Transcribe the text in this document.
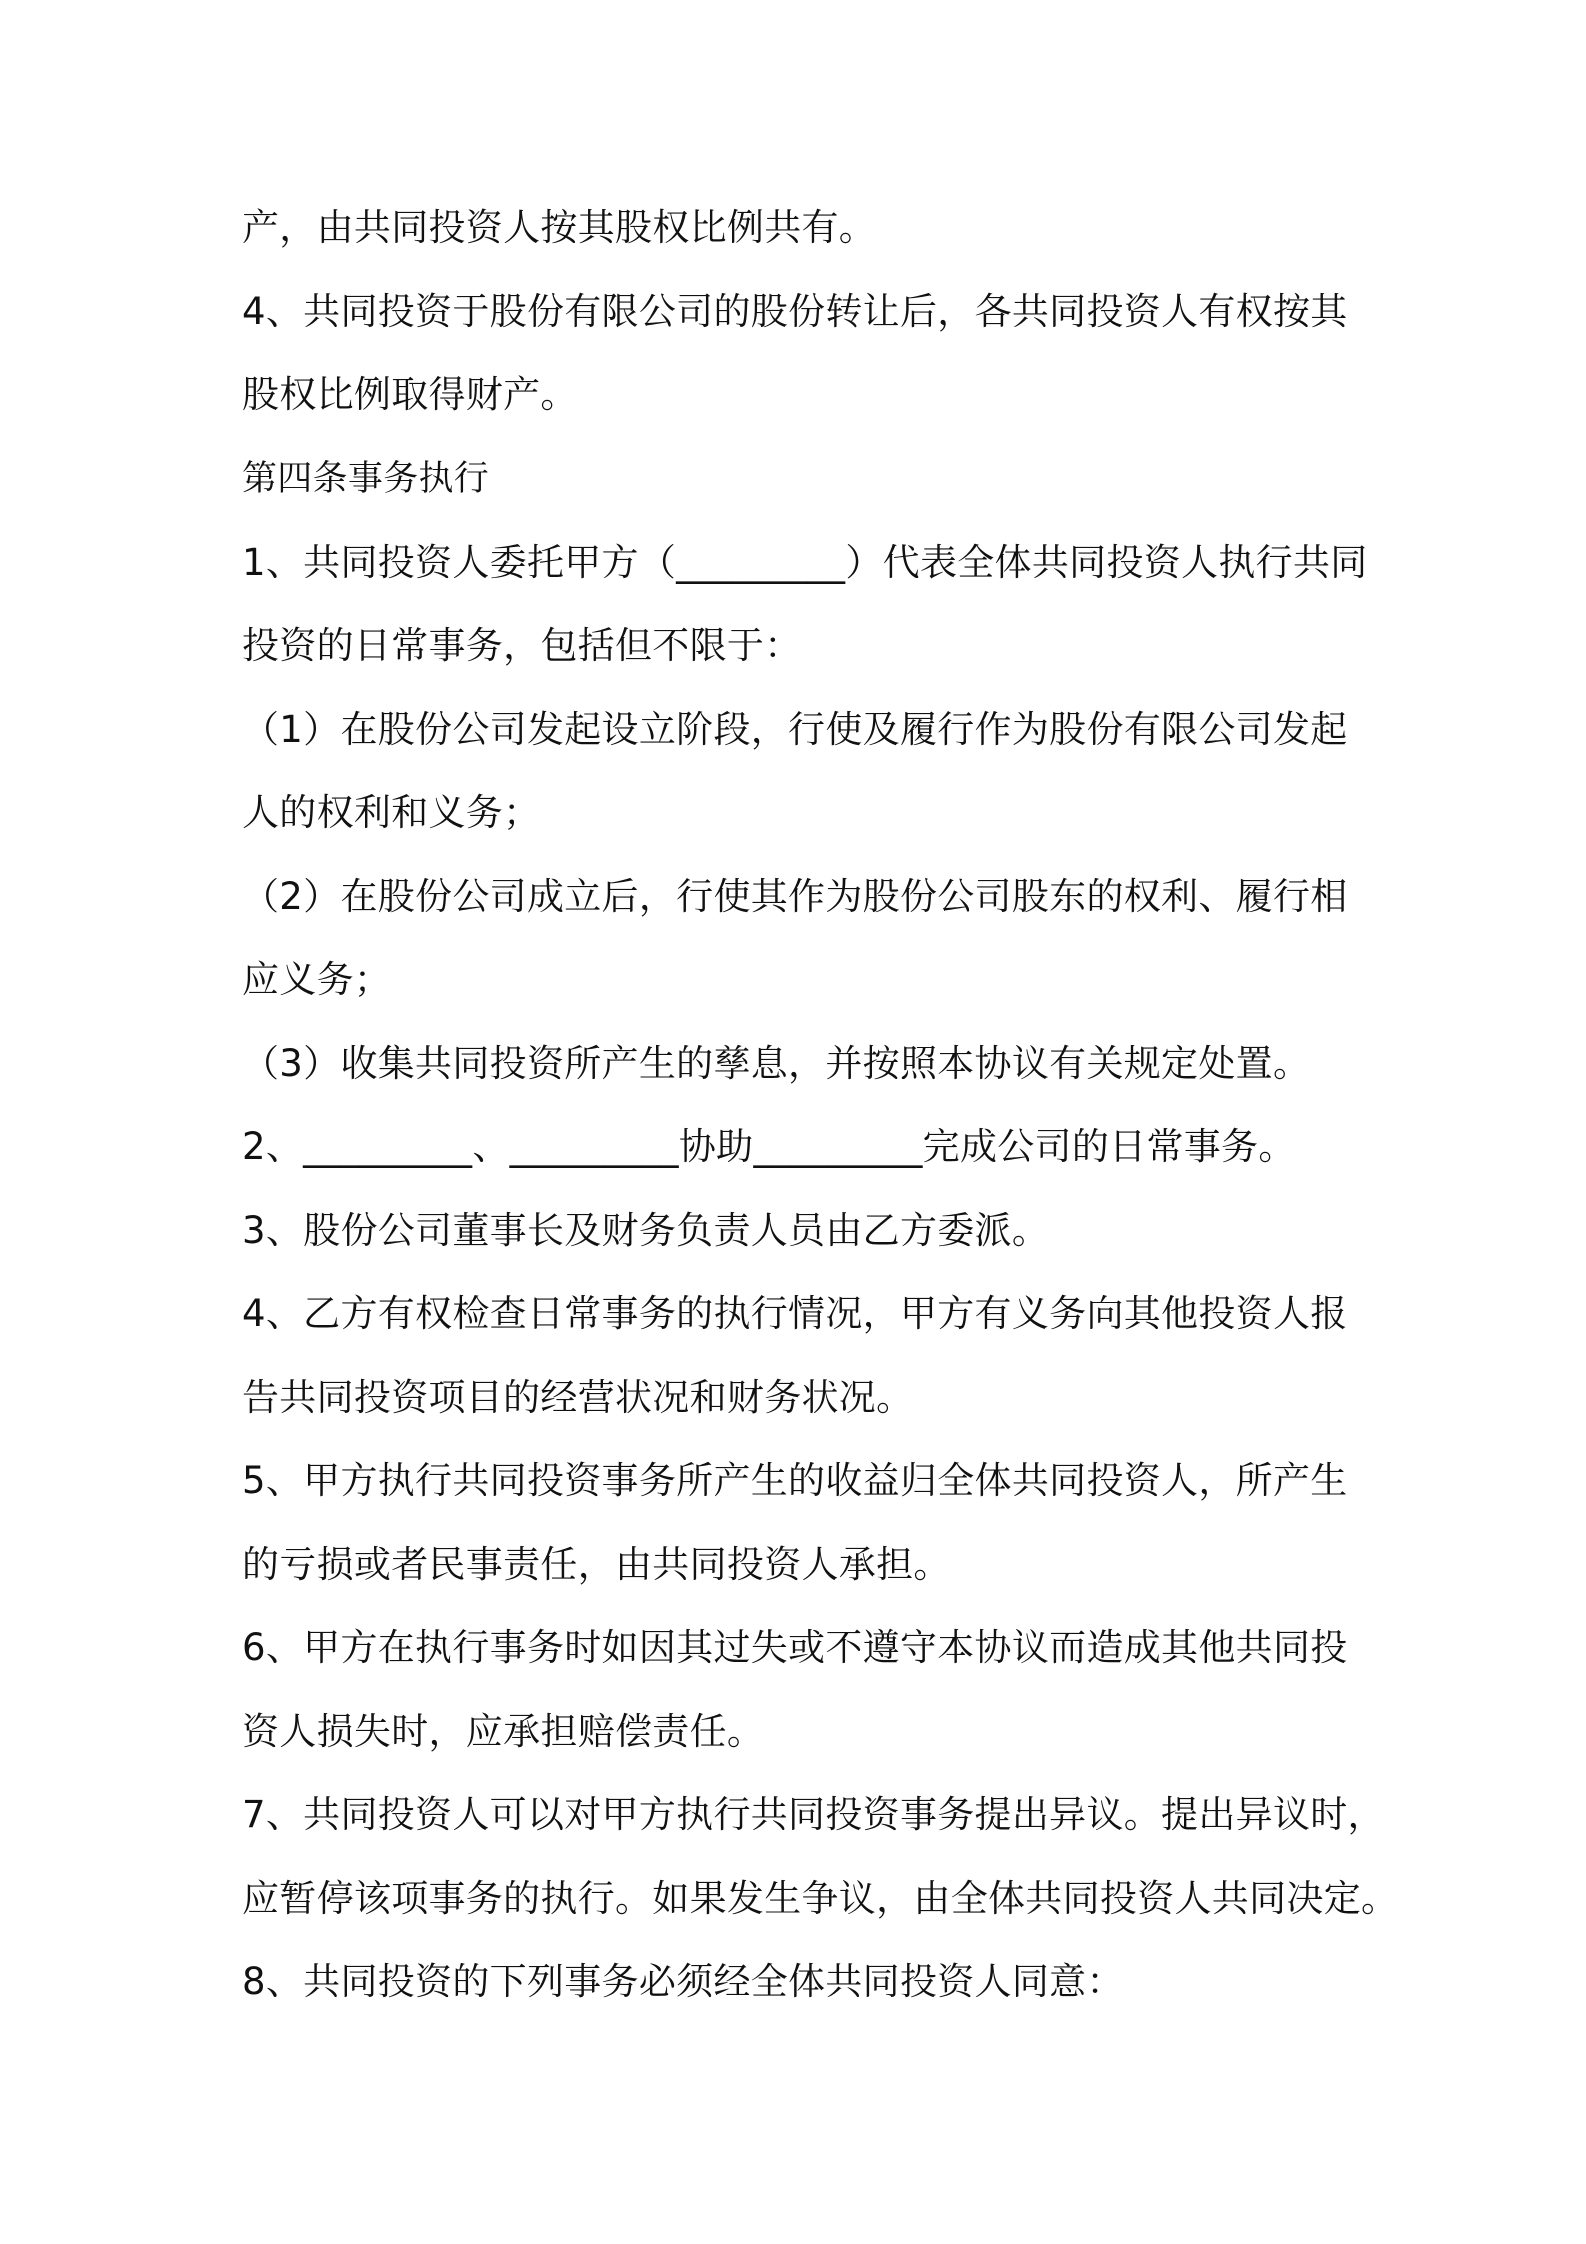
产，由共同投资人按其股权比例共有。
4、共同投资于股份有限公司的股份转让后，各共同投资人有权按其
股权比例取得财产。
第四条事务执行
1、共同投资人委托甲方（_________）代表全体共同投资人执行共同
投资的日常事务，包括但不限于：
（1）在股份公司发起设立阶段，行使及履行作为股份有限公司发起
人的权利和义务；
（2）在股份公司成立后，行使其作为股份公司股东的权利、履行相
应义务；
（3）收集共同投资所产生的孳息，并按照本协议有关规定处置。
2、_________、_________协助_________完成公司的日常事务。
3、股份公司董事长及财务负责人员由乙方委派。
4、乙方有权检查日常事务的执行情况，甲方有义务向其他投资人报
告共同投资项目的经营状况和财务状况。
5、甲方执行共同投资事务所产生的收益归全体共同投资人，所产生
的亏损或者民事责任，由共同投资人承担。
6、甲方在执行事务时如因其过失或不遵守本协议而造成其他共同投
资人损失时，应承担赔偿责任。
7、共同投资人可以对甲方执行共同投资事务提出异议。提出异议时，
应暂停该项事务的执行。如果发生争议，由全体共同投资人共同决定。
8、共同投资的下列事务必须经全体共同投资人同意：
